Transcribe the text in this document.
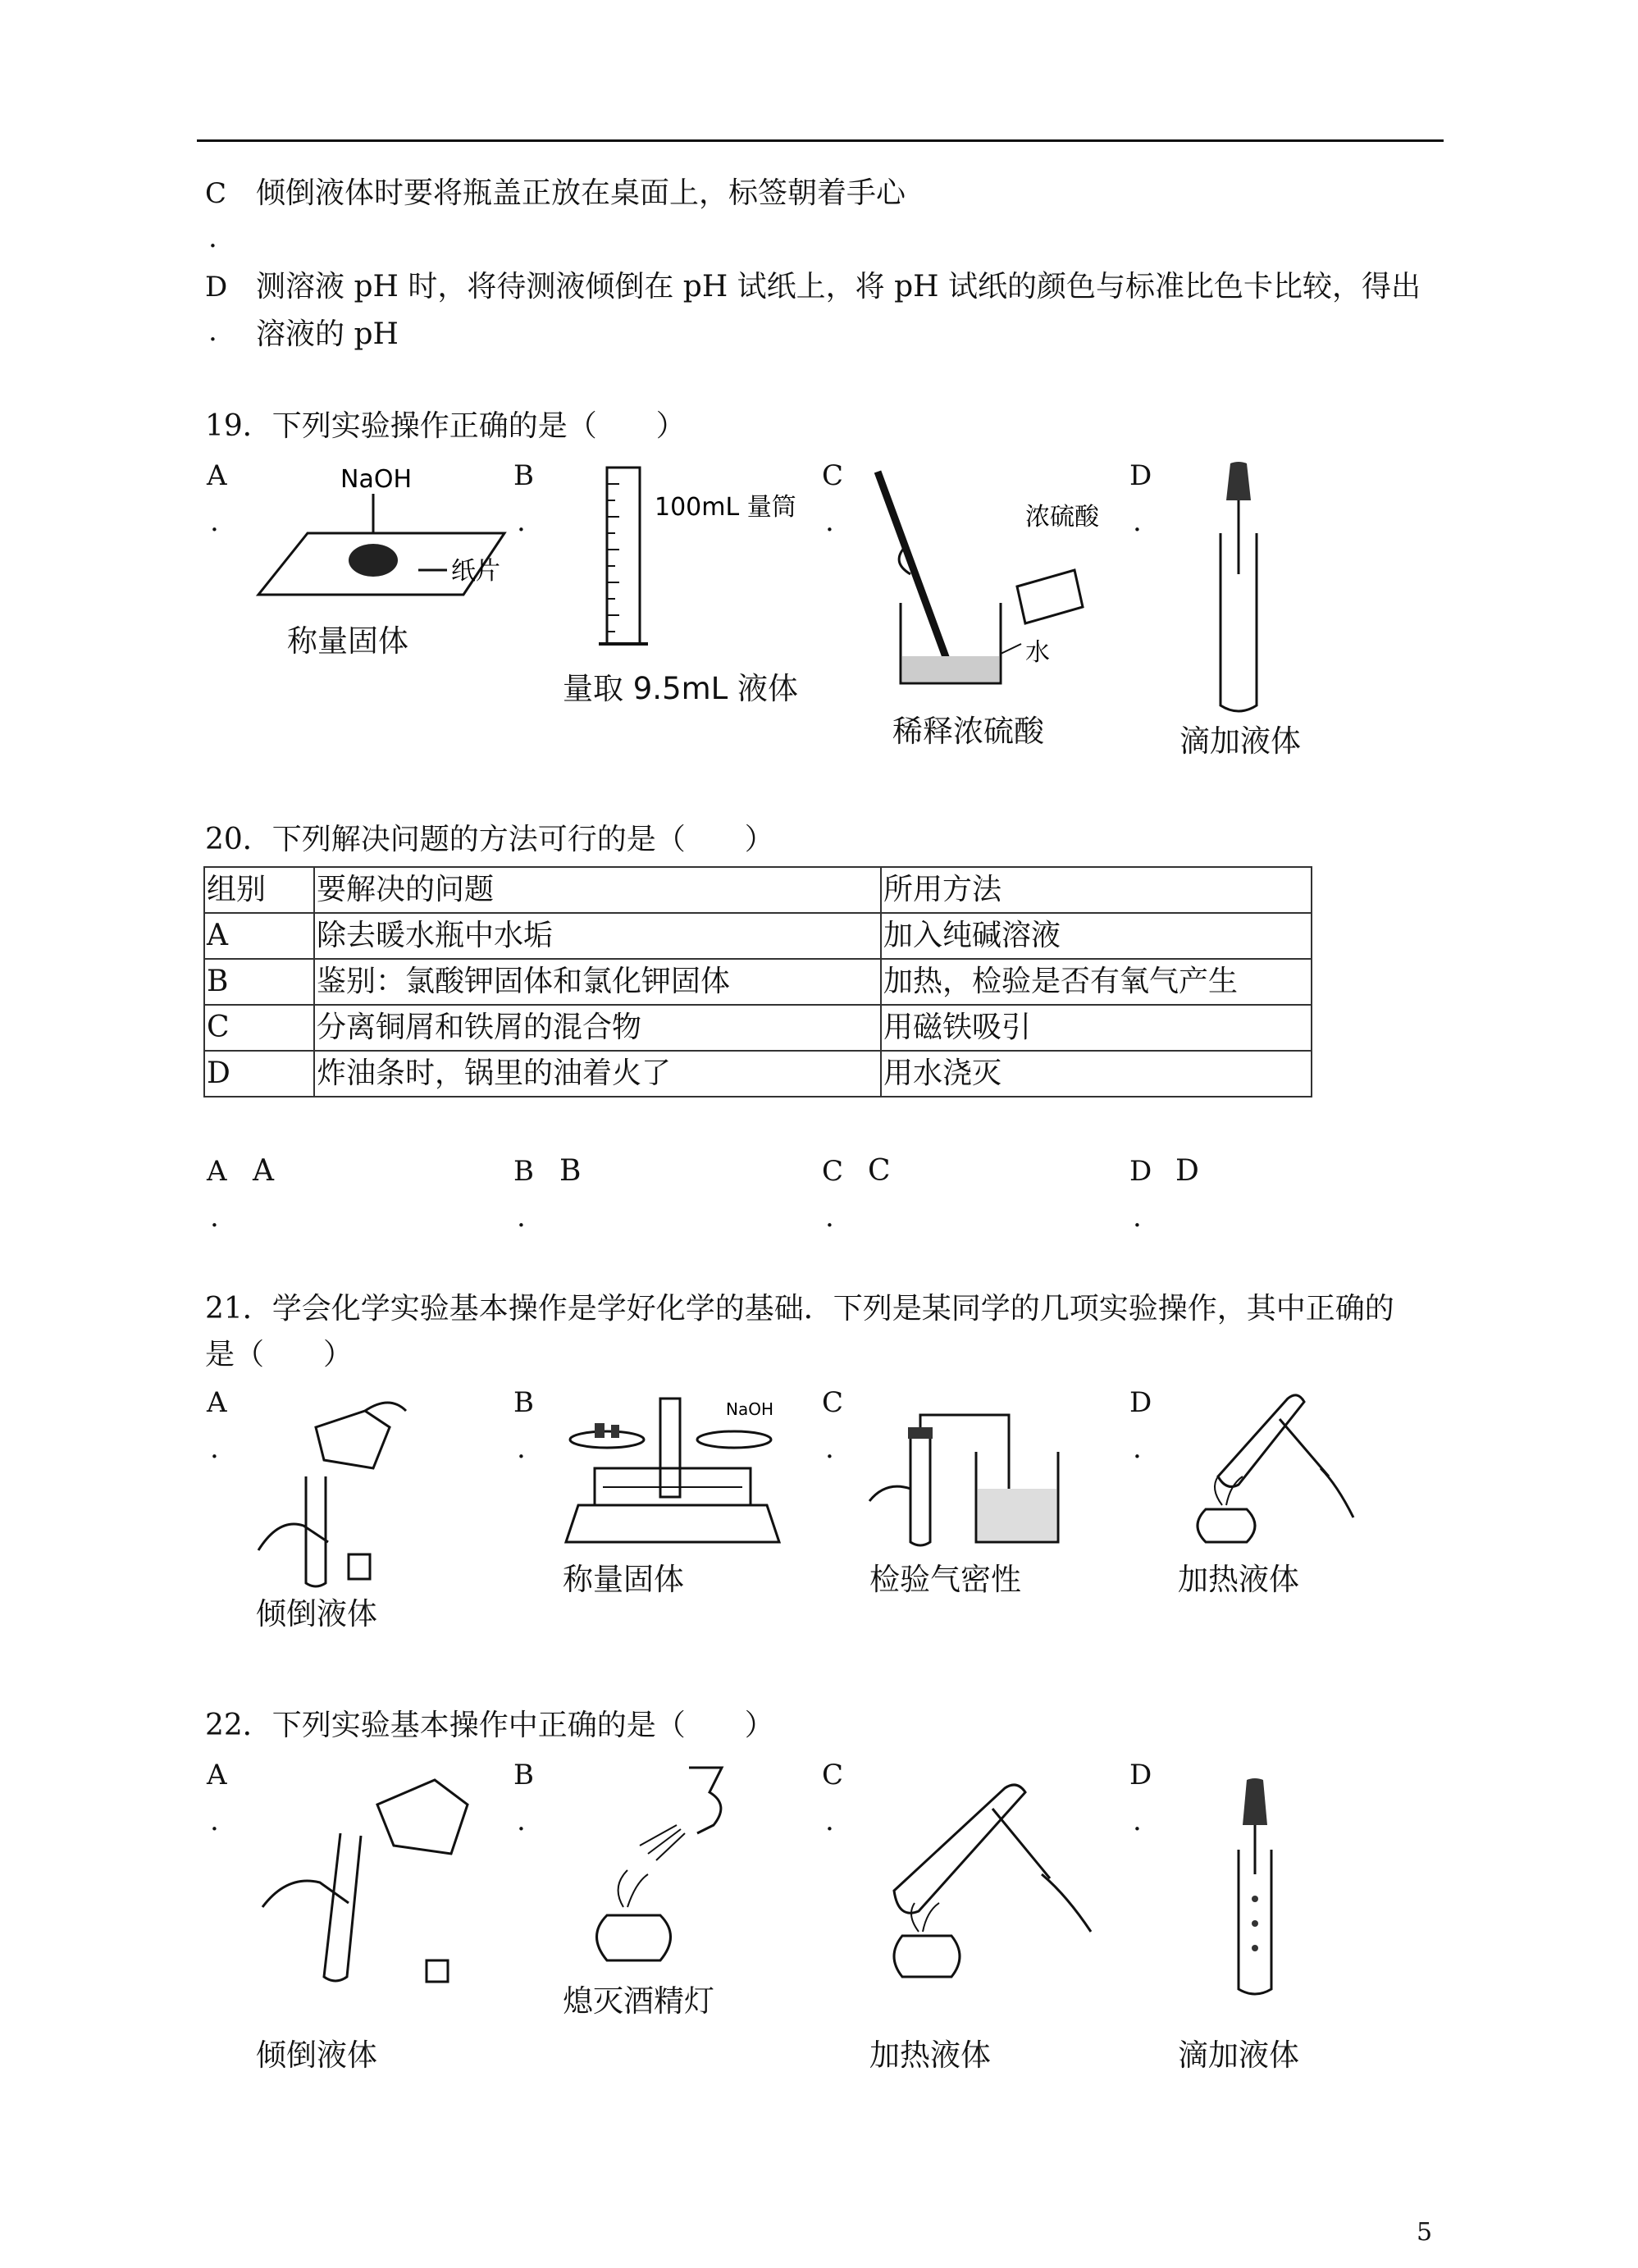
C 倾倒液体时要将瓶盖正放在桌面上，标签朝着手心
.
D 测溶液 pH 时，将待测液倾倒在 pH 试纸上，将 pH 试纸的颜色与标准比色卡比较，得出
. 溶液的 pH
19．下列实验操作正确的是（　　）
A
.
NaOH
纸片
称量固体
B
.	100mL 量筒
量取 9.5mL 液体
C
.	浓硫酸
水
稀释浓硫酸
D
.
滴加液体
20．下列解决问题的方法可行的是（　　）
组别	要解决的问题	所用方法
A	除去暖水瓶中水垢	加入纯碱溶液
B	鉴别：氯酸钾固体和氯化钾固体	加热，检验是否有氧气产生
C	分离铜屑和铁屑的混合物	用磁铁吸引
D	炸油条时，锅里的油着火了	用水浇灭
A A
.
B B
.
C C
.
D D
.
21．学会化学实验基本操作是学好化学的基础．下列是某同学的几项实验操作，其中正确的
是（　　）
A
.
倾倒液体
B
.
NaOH
称量固体
C
.
检验气密性
D
.
加热液体
22．下列实验基本操作中正确的是（　　）
A
.
倾倒液体
B
.
熄灭酒精灯
C
.
加热液体
D
.
滴加液体
5
